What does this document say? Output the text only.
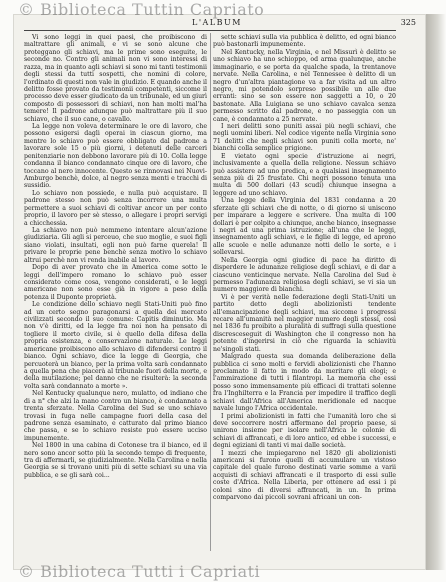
© Biblioteca Tuttin Capriato
© Biblioteca Tutti i Capriati
L'ALBUM	325

Vi sono leggi in quei paesi, che proibiscono di maltrattare gli animali, e vi se sono alcune che proteggano gli schiavi, ma le prime sono eseguite, le seconde no. Contro gli animali non vi sono interessi di razza, ma in quanto agli schiavi si sono mi tanti testimonii degli stessi da tutti sospetti, che nomini di colore, l'ordinato di questi non vale in giudizio. E quando anche il delitto fosse provato da testimonii competenti, siccome il processo deve esser giudicato da un tribunale, ed un giurì composto di possessori di schiavi, non han molti mal'ha temere! Il padrone adunque può maltrattare più il suo schiavo, che il suo cane, o cavallo.

La legge non voleva determinare le ore di lavoro, che possono esigersi dagli operai in ciascun giorno, ma mentre lo schiavo può essere obbligato dal padrone a lavorare sole 15 o più giorni, i detenuti delle carceri penitenziarie non debbono lavorare più di 10. Colla legge condanna il bianco condannato cinque ore di lavoro, che toccano al nero innocente. Questo se rinnovasi nei Nuovi-Amburgo benchè, dolce, al negro senza menti e tracchi di sussidio.

Lo schiavo non possiede, e nulla può acquistare. Il padrone stesso non può senza incorrere una multa permettere a suoi schiavi di coltivar ancor un per conto proprio, il lavoro per sè stesso, o allegare i propri servigi a chicchessia.

La schiavo non può nemmeno intentare alcun'azione giudiziaria. Gli agli si perceuo, che suo moglie, e suoi figli siano violati, insultati, egli non può farne querela! Il privare le proprie pene benchè senza motivo lo schiavo altrui perchè non vi renda inabile al lavoro.

Dopo di aver provato che in America come sotto le leggi dell'impero romano lo schiavo può esser considerato come cosa, vengono considerati, e le leggi americane non sono esse già in vigore a peso della potenza il Duponte proprietà.

Le condizione dello schiavo negli Stati-Uniti può fino ad un certo segno paragonarsi a quella dei mercato civilizzati secondo il suo comune: Capitis diminutio. Ma non v'è diritti, ed la legge fra noi non ha pensato di togliere il morto civile, si è quello della difesa della propria esistenza, e conservazione naturale. Le leggi americane proibiscono allo schiavo di difendersi contro il bianco. Ogni schiavo, dice la legge di Georgia, che percuoterà un bianco, per la prima volta sarà condannato a quella pena che piacerà al tribunale fuori della morte, e della mutilazione; pel danno che ne risulterà: la seconda volta sarà condannato a morte ».

Nel Kentucky qualunque nero, mulatto, od indiano che di a n° che alzi la mano contro un bianco, è condannato a trenta sferzate. Nella Carolina del Sud se uno schiavo trovasi in fuga nelle campagne fuori della casa del padrone senza esaminato, e catturato dal primo bianco che passa, e se lo schiavo resiste può essere ucciso impunemente.

Nel 1800 in una cabina di Cotonese tra il bianco, ed il nero sono ancor sotto più la secondo tempo di frequente, tra di affermarli, se giudizialmente. Nella Carolina e nella Georgia se si trovano uniti più di sette schiavi su una via pubblica, e se gli sarà coi...

sette schiavi sulla via pubblica è delitto, ed ogni bianco può bastonarli impunemente.

Nel Kentucky, nella Virginia, e nel Missurì è delitto se uno schiavo ha uno schioppo, od arma qualunque, anche immaginario, e se porta da qualche spada, la trentanove nervate. Nella Carolina, e nel Tennessee è delitto di un negro d'un'altra piantagione va a far visita ad un altro negro, mi potendolo sorpreso possibile un alle due erranti: sino se son essere non saggetti a 10, o 20 bastonate. Alla Luigiana se uno schiavo cavalca senza permesso scritto dal padrone, e no passeggia con un cane, è condannato a 25 nervate.

I neri delitti sono puniti assai più negli schiavi, che negli uomini liberi. Nel codice vigente nella Virginia sono 71 delitti che negli schiavi son puniti colla morte, ne' bianchi colla semplice prigione.

E vietato ogni specie d'istruzione ai negri, inclusivamente a quella della religione. Nessun schiavo può assistere ad uno predica, e a qualsiasi insegnamento senza più di 25 frustate. Chi negri possono tenuta una multa di 500 dollari (43 scudi) chiunque insegna a leggere ad uno schiavo.

Una legge della Virginia del 1831 condanna a 20 sferzate gli schiavi che di notte, o di giorno si uniscono per imparare a leggere e scrivere. Una multa di 100 dollari è per colpito a chiunque, anche bianco, insegnasse i negri ad una prima istruzione; all'una che le leggi, insegnamento agli schiavi, e le figlie di legge, ed aprono alle scuole e nelle adunanze notti dello le sorte, e i sollevarsi.

Nella Georgia ogni giudice di pace ha diritto di disperdere le adunanze religiose degli schiavi, e di dar a ciascuno venticinque nervate. Nella Carolina del Sud è permesso l'adunanza religiosa degli schiavi, se vi sia un numero maggiore di bianchi.

Vi è per verità nelle federazione degli Stati-Uniti un partito detto degli abolizionisti tendente all'emancipazione degli schiavi, ma siccome i progressi recare all'umanità nel maggior numero degli stessi, così nel 1836 fu proibito a pluralità di suffragi sulla questione discresceseguit di Washington che il congresso non ha potente d'ingerirsi in ciò che riguarda la schiavitù ne'singoli stati.

Malgrado questa sua domanda deliberazione della pubblica ci sono molti e fervidi abolizionisti che l'hanno proclamato il fatto in modo da meritare gli elogi; e l'ammirazione di tutti i filantropi. La memoria che essi posso sono immensamente più efficaci di trattati solenne fra l'Inghilterra e la Francia per impedire il traffico degli schiavi dall'Africa all'America meridionale ed nacque navale lungo l'Africa occidentale.

I primi abolizionisti in fatti che l'umanità loro che si deve soccorrere nostri affermano del proprio paese, si unirono insieme per isolare nell'Africa le colonie di schiavi di affrancati, e di loro antico, ed ebbe i successi, e degni egiziani di tanti vi mai dalle società.

I mezzi che impiegarono nel 1820 gli abolizionisti americani si furono quelli di accumulare un vistoso capitale del quale furono destinati varie somme a varii acquisti di schiavi affrancati e il trasporto di essi sulle coste d'Africa. Nella Liberia, per ottenere ad essi i pi coloni sino di diversi affrancati, in un. In prima comparvono dai piccoli sovrani africani un con-
